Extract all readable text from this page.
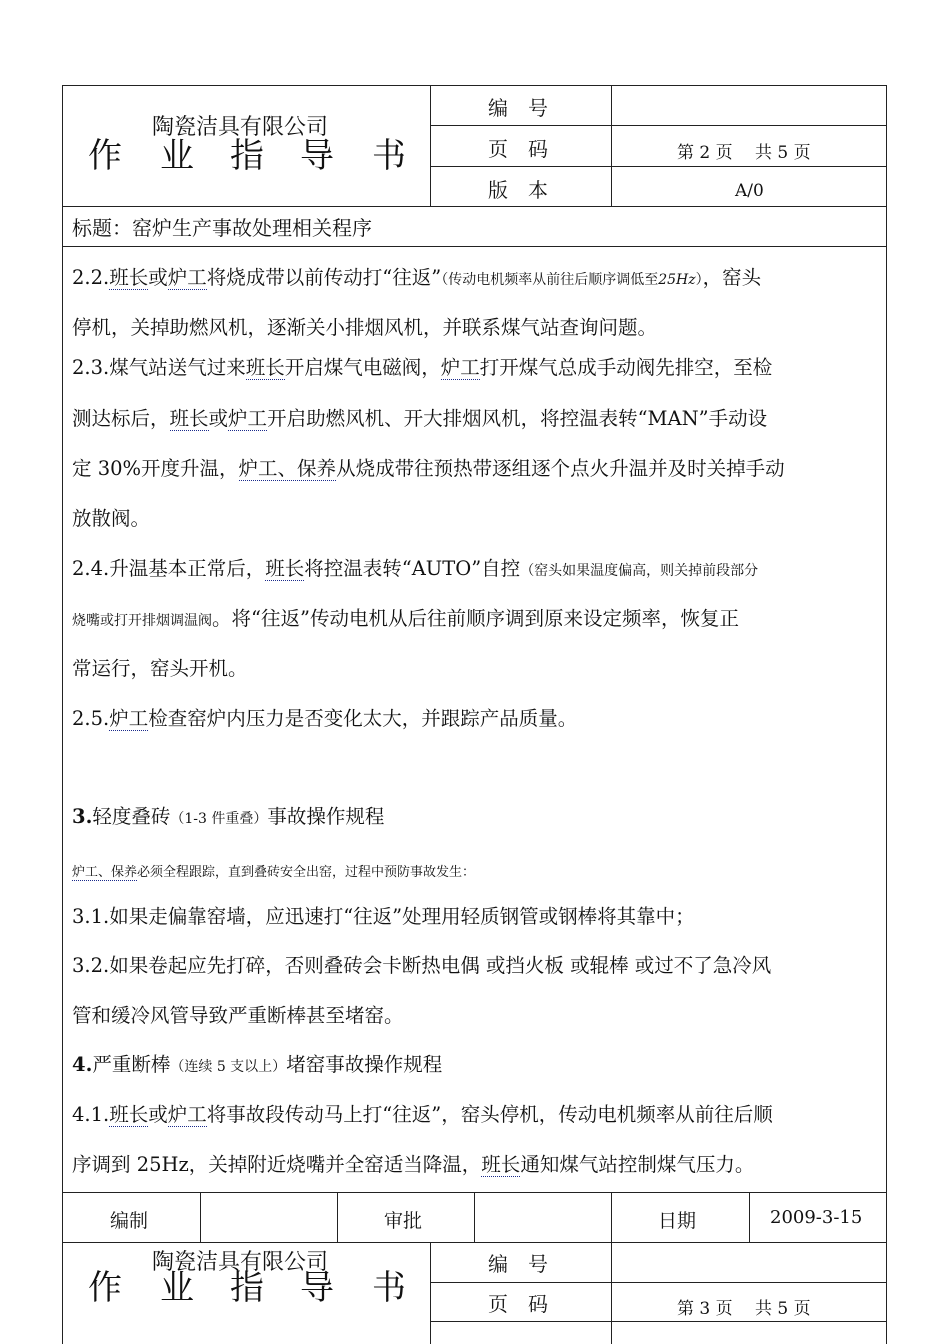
陶瓷洁具有限公司
作 业 指 导 书
编　号
页　码	第 2 页　 共 5 页
版　本	A/0
标题：窑炉生产事故处理相关程序
2.2.班长或炉工将烧成带以前传动打“往返”（传动电机频率从前往后顺序调低至25Hz），窑头
停机，关掉助燃风机，逐渐关小排烟风机，并联系煤气站查询问题。
2.3.煤气站送气过来班长开启煤气电磁阀，炉工打开煤气总成手动阀先排空，至检
测达标后，班长或炉工开启助燃风机、开大排烟风机，将控温表转“MAN”手动设
定 30%开度升温，炉工、保养从烧成带往预热带逐组逐个点火升温并及时关掉手动
放散阀。
2.4.升温基本正常后，班长将控温表转“AUTO”自控（窑头如果温度偏高，则关掉前段部分
烧嘴或打开排烟调温阀。将“往返”传动电机从后往前顺序调到原来设定频率，恢复正
常运行，窑头开机。
2.5.炉工检查窑炉内压力是否变化太大，并跟踪产品质量。
3.轻度叠砖（1-3 件重叠）事故操作规程
炉工、保养必须全程跟踪，直到叠砖安全出窑，过程中预防事故发生：
3.1.如果走偏靠窑墙，应迅速打“往返”处理用轻质钢管或钢棒将其靠中；
3.2.如果卷起应先打碎，否则叠砖会卡断热电偶 或挡火板 或辊棒 或过不了急冷风
管和缓冷风管导致严重断棒甚至堵窑。
4.严重断棒（连续 5 支以上）堵窑事故操作规程
4.1.班长或炉工将事故段传动马上打“往返”，窑头停机，传动电机频率从前往后顺
序调到 25Hz，关掉附近烧嘴并全窑适当降温，班长通知煤气站控制煤气压力。
编制	审批	日期	2009-3-15
陶瓷洁具有限公司
作 业 指 导 书
编　号
页　码	第 3 页　 共 5 页
